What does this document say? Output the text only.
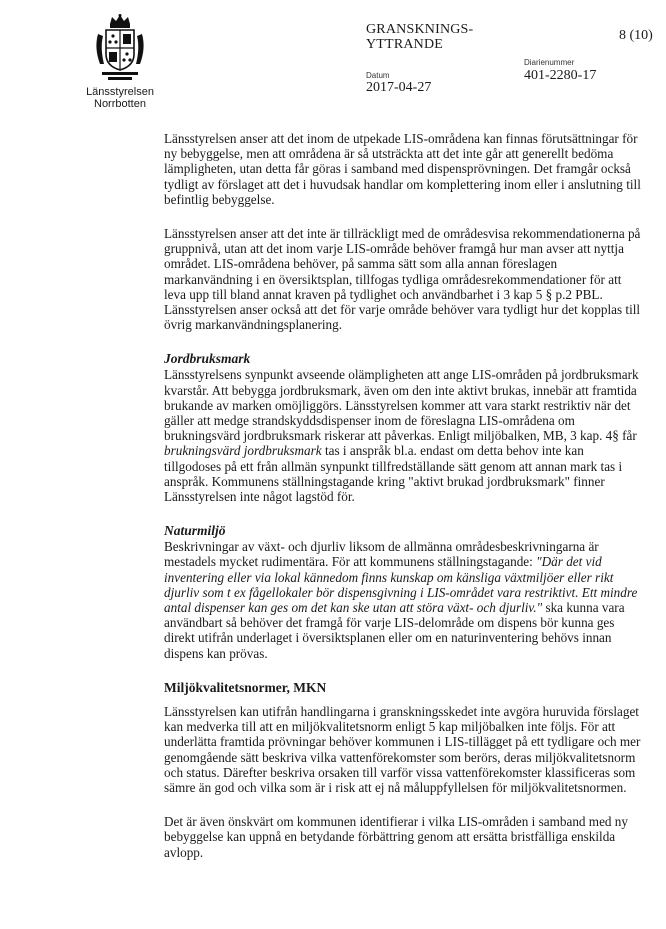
Länsstyrelsen
Norrbotten
GRANSKNINGS-
YTTRANDE
8 (10)
Diarienummer
401-2280-17
Datum
2017-04-27

Länsstyrelsen anser att det inom de utpekade LIS-områdena kan finnas förutsättningar för ny bebyggelse, men att områdena är så utsträckta att det inte går att generellt bedöma lämpligheten, utan detta får göras i samband med dispensprövningen. Det framgår också tydligt av förslaget att det i huvudsak handlar om komplettering inom eller i anslutning till befintlig bebyggelse.

Länsstyrelsen anser att det inte är tillräckligt med de områdesvisa rekommendationerna på gruppnivå, utan att det inom varje LIS-område behöver framgå hur man avser att nyttja området. LIS-områdena behöver, på samma sätt som alla annan föreslagen markanvändning i en översiktsplan, tillfogas tydliga områdesrekommendationer för att leva upp till bland annat kraven på tydlighet och användbarhet i 3 kap 5 § p.2 PBL. Länsstyrelsen anser också att det för varje område behöver vara tydligt hur det kopplas till övrig markanvändningsplanering.

Jordbruksmark

Länsstyrelsens synpunkt avseende olämpligheten att ange LIS-områden på jordbruksmark kvarstår. Att bebygga jordbruksmark, även om den inte aktivt brukas, innebär att framtida brukande av marken omöjliggörs. Länsstyrelsen kommer att vara starkt restriktiv när det gäller att medge strandskyddsdispenser inom de föreslagna LIS-områdena om brukningsvärd jordbruksmark riskerar att påverkas. Enligt miljöbalken, MB, 3 kap. 4§ får brukningsvärd jordbruksmark tas i anspråk bl.a. endast om detta behov inte kan tillgodoses på ett från allmän synpunkt tillfredställande sätt genom att annan mark tas i anspråk. Kommunens ställningstagande kring "aktivt brukad jordbruksmark" finner Länsstyrelsen inte något lagstöd för.

Naturmiljö

Beskrivningar av växt- och djurliv liksom de allmänna områdesbeskrivningarna är mestadels mycket rudimentära. För att kommunens ställningstagande: "Där det vid inventering eller via lokal kännedom finns kunskap om känsliga växtmiljöer eller rikt djurliv som t ex fågellokaler bör dispensgivning i LIS-området vara restriktivt. Ett mindre antal dispenser kan ges om det kan ske utan att störa växt- och djurliv." ska kunna vara användbart så behöver det framgå för varje LIS-delområde om dispens bör kunna ges direkt utifrån underlaget i översiktsplanen eller om en naturinventering behövs innan dispens kan prövas.

Miljökvalitetsnormer, MKN

Länsstyrelsen kan utifrån handlingarna i granskningsskedet inte avgöra huruvida förslaget kan medverka till att en miljökvalitetsnorm enligt 5 kap miljöbalken inte följs. För att underlätta framtida prövningar behöver kommunen i LIS-tillägget på ett tydligare och mer genomgående sätt beskriva vilka vattenförekomster som berörs, deras miljökvalitetsnorm och status. Därefter beskriva orsaken till varför vissa vattenförekomster klassificeras som sämre än god och vilka som är i risk att ej nå måluppfyllelsen för miljökvalitetsnormen.

Det är även önskvärt om kommunen identifierar i vilka LIS-områden i samband med ny bebyggelse kan uppnå en betydande förbättring genom att ersätta bristfälliga enskilda avlopp.
